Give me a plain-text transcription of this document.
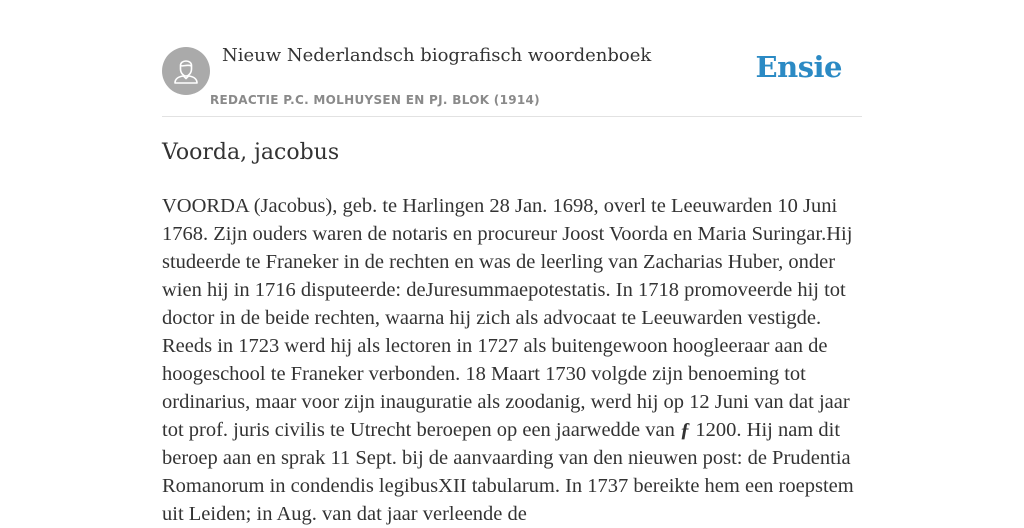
Nieuw Nederlandsch biografisch woordenboek
REDACTIE P.C. MOLHUYSEN EN PJ. BLOK (1914)
Ensie
Voorda, jacobus

VOORDA (Jacobus), geb. te Harlingen 28 Jan. 1698, overl te Leeuwarden 10 Juni 1768. Zijn ouders waren de notaris en procureur Joost Voorda en Maria Suringar.Hij studeerde te Franeker in de rechten en was de leerling van Zacharias Huber, onder wien hij in 1716 disputeerde: deJuresummaepotestatis. In 1718 promoveerde hij tot doctor in de beide rechten, waarna hij zich als advocaat te Leeuwarden vestigde. Reeds in 1723 werd hij als lectoren in 1727 als buitengewoon hoogleeraar aan de hoogeschool te Franeker verbonden. 18 Maart 1730 volgde zijn benoeming tot ordinarius, maar voor zijn inauguratie als zoodanig, werd hij op 12 Juni van dat jaar tot prof. juris civilis te Utrecht beroepen op een jaarwedde van ƒ 1200. Hij nam dit beroep aan en sprak 11 Sept. bij de aanvaarding van den nieuwen post: de Prudentia Romanorum in condendis legibusXII tabularum. In 1737 bereikte hem een roepstem uit Leiden; in Aug. van dat jaar verleende de
